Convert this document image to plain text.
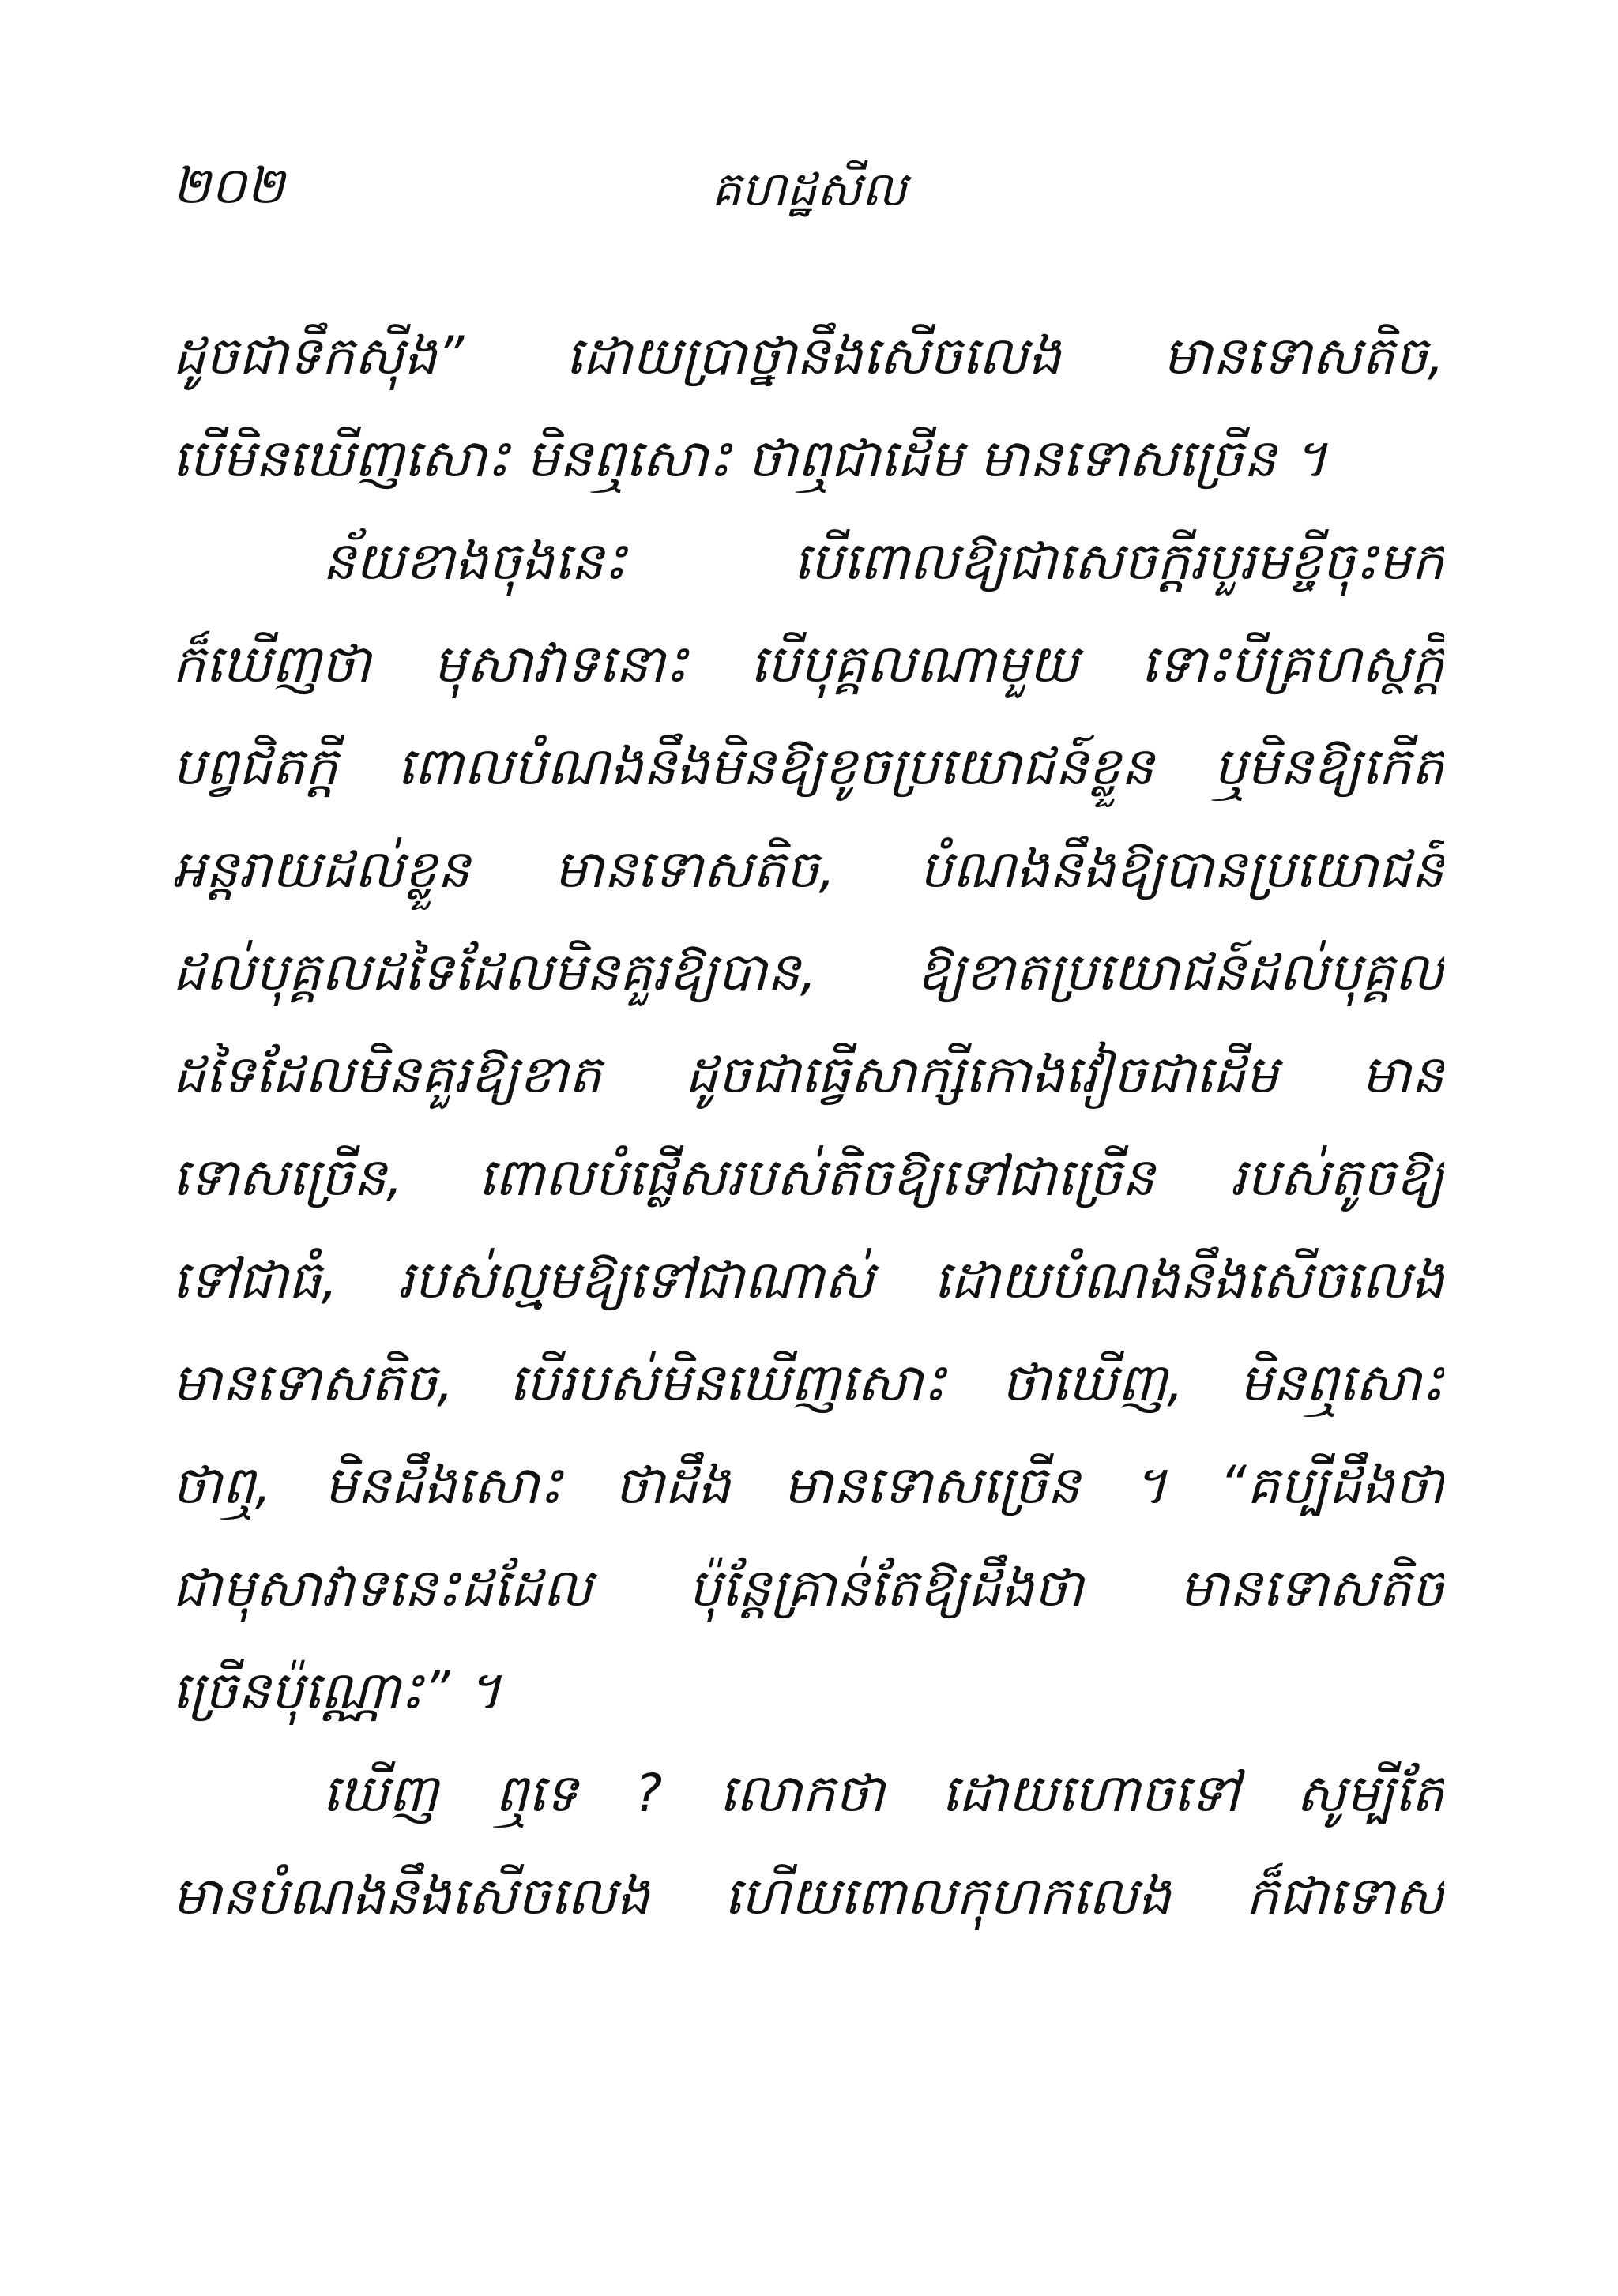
២០២	គហដ្ឋសីល
ដូចជាទឹកស៊ីង” ដោយប្រាថ្នានឹងសើចលេង មានទោសតិច,
បើមិនឃើញសោះ មិនឮសោះ ថាឮជាដើម មានទោសច្រើន ។
ន័យខាងចុងនេះ បើពោលឱ្យជាសេចក្តីរបួរមខ្ចីចុះមក
ក៏ឃើញថា មុសាវាទនោះ បើបុគ្គលណាមួយ ទោះបីគ្រហស្ថក្តី
បព្វជិតក្តី ពោលបំណងនឹងមិនឱ្យខូចប្រយោជន៍ខ្លួន ឬមិនឱ្យកើត
អន្តរាយដល់ខ្លួន មានទោសតិច, បំណងនឹងឱ្យបានប្រយោជន៍
ដល់បុគ្គលដទៃដែលមិនគួរឱ្យបាន, ឱ្យខាតប្រយោជន៍ដល់បុគ្គល
ដទៃដែលមិនគួរឱ្យខាត ដូចជាធ្វើសាក្សីកោងវៀចជាដើម មាន
ទោសច្រើន, ពោលបំផ្លើសរបស់តិចឱ្យទៅជាច្រើន របស់តូចឱ្យ
ទៅជាធំ, របស់ល្មមឱ្យទៅជាណាស់ ដោយបំណងនឹងសើចលេង
មានទោសតិច, បើរបស់មិនឃើញសោះ ថាឃើញ, មិនឮសោះ
ថាឮ, មិនដឹងសោះ ថាដឹង មានទោសច្រើន ។ “គប្បីដឹងថា
ជាមុសាវាទនេះដដែល ប៉ុន្តែគ្រាន់តែឱ្យដឹងថា មានទោសតិច
ច្រើនប៉ុណ្ណោះ” ។
ឃើញ ឮទេ ? លោកថា ដោយហោចទៅ សូម្បីតែ
មានបំណងនឹងសើចលេង ហើយពោលកុហកលេង ក៏ជាទោស
